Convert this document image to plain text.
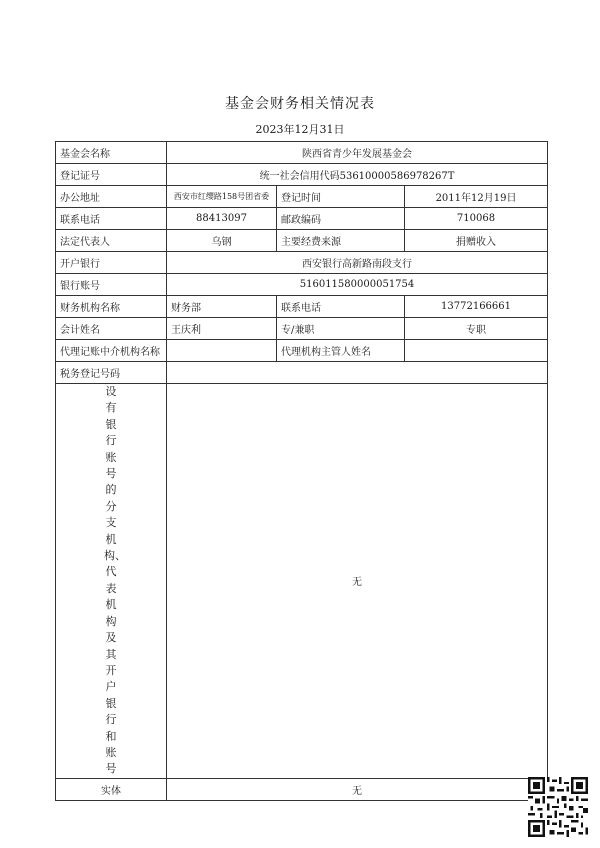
基金会财务相关情况表
2023年12月31日
基金会名称	陕西省青少年发展基金会		
登记证号	统一社会信用代码53610000586978267T		
办公地址	西安市红缨路158号团省委	登记时间	2011年12月19日
联系电话	88413097	邮政编码	710068
法定代表人	乌钢	主要经费来源	捐赠收入
开户银行	西安银行高新路南段支行		
银行账号	516011580000051754		
财务机构名称	财务部	联系电话	13772166661
会计姓名	王庆利	专/兼职	专职
代理记账中介机构名称		代理机构主管人姓名	
税务登记号码			
设有银行账号的分支机构、代表机构及其开户银行和账号	无		
实体	无		
